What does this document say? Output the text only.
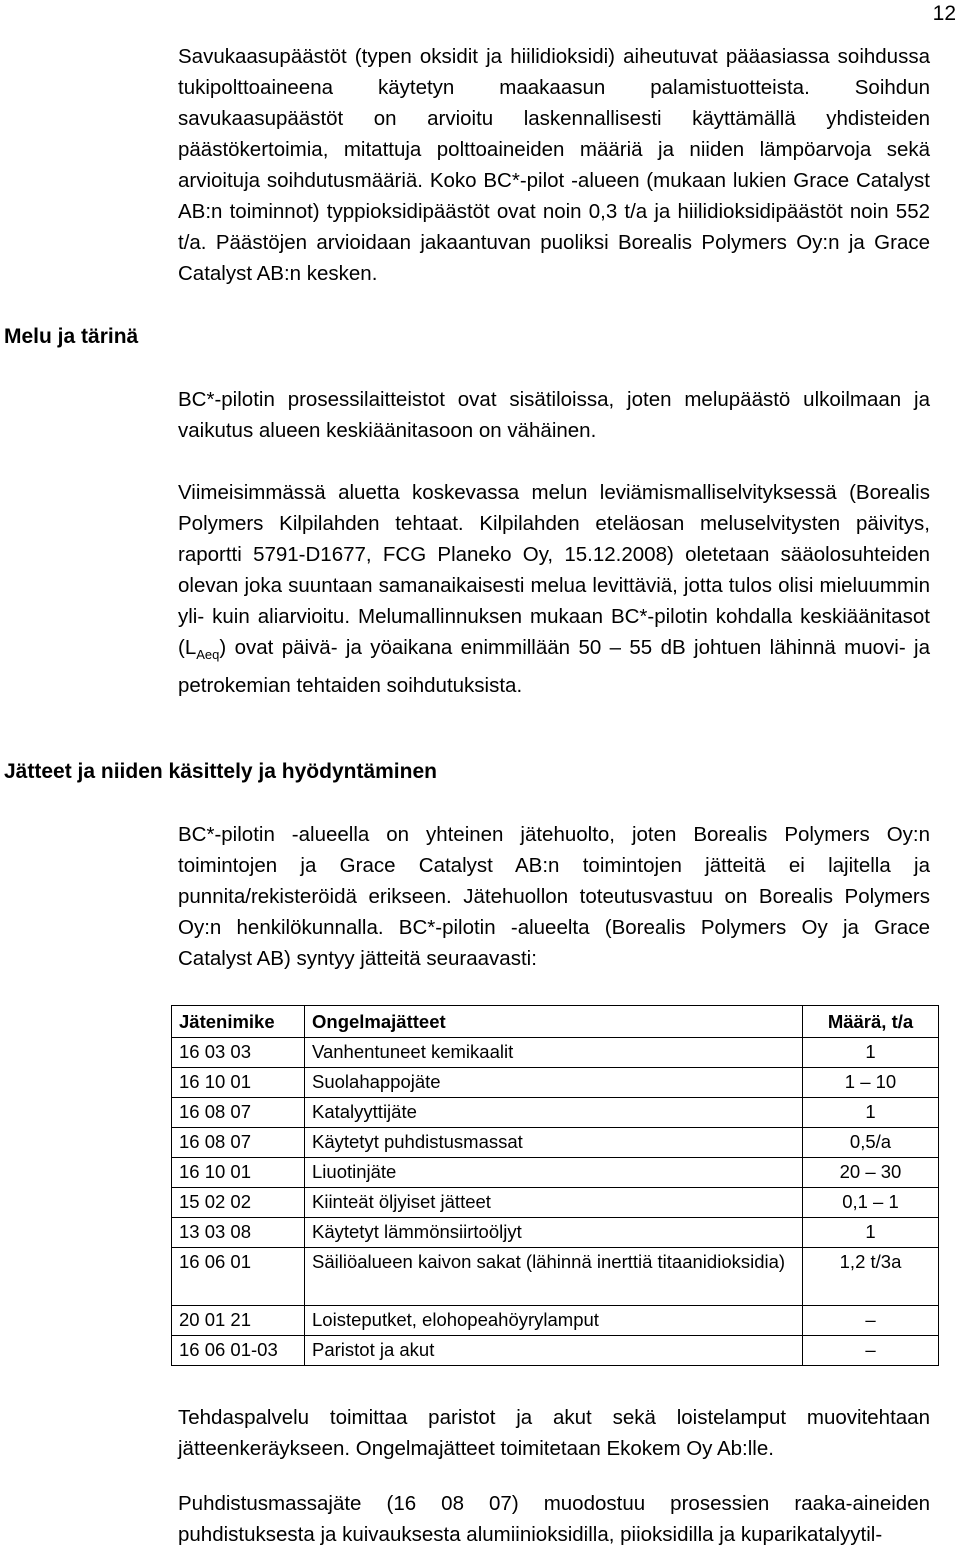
12

Savukaasupäästöt (typen oksidit ja hiilidioksidi) aiheutuvat pääasiassa soihdussa tukipolttoaineena käytetyn maakaasun palamistuotteista. Soihdun savukaasupäästöt on arvioitu laskennallisesti käyttämällä yhdisteiden päästökertoimia, mitattuja polttoaineiden määriä ja niiden lämpöarvoja sekä arvioituja soihdutusmääriä. Koko BC*-pilot -alueen (mukaan lukien Grace Catalyst AB:n toiminnot) typpioksidipäästöt ovat noin 0,3 t/a ja hiilidioksidipäästöt noin 552 t/a. Päästöjen arvioidaan jakaantuvan puoliksi Borealis Polymers Oy:n ja Grace Catalyst AB:n kesken.

Melu ja tärinä

BC*-pilotin prosessilaitteistot ovat sisätiloissa, joten melupäästö ulkoilmaan ja vaikutus alueen keskiäänitasoon on vähäinen.

Viimeisimmässä aluetta koskevassa melun leviämismalliselvityksessä (Borealis Polymers Kilpilahden tehtaat. Kilpilahden eteläosan meluselvitysten päivitys, raportti 5791-D1677, FCG Planeko Oy, 15.12.2008) oletetaan sääolosuhteiden olevan joka suuntaan samanaikaisesti melua levittäviä, jotta tulos olisi mieluummin yli- kuin aliarvioitu. Melumallinnuksen mukaan BC*-pilotin kohdalla keskiäänitasot $(L_{Aeq})$ ovat päivä- ja yöaikana enimmillään 50 – 55 dB johtuen lähinnä muovi- ja petrokemian tehtaiden soihdutuksista.

Jätteet ja niiden käsittely ja hyödyntäminen

BC*-pilotin -alueella on yhteinen jätehuolto, joten Borealis Polymers Oy:n toimintojen ja Grace Catalyst AB:n toimintojen jätteitä ei lajitella ja punnita/rekisteröidä erikseen. Jätehuollon toteutusvastuu on Borealis Polymers Oy:n henkilökunnalla. BC*-pilotin -alueelta (Borealis Polymers Oy ja Grace Catalyst AB) syntyy jätteitä seuraavasti:

Jätenimike	Ongelmajätteet	Määrä, t/a
16 03 03	Vanhentuneet kemikaalit	1
16 10 01	Suolahappojäte	1 – 10
16 08 07	Katalyyttijäte	1
16 08 07	Käytetyt puhdistusmassat	0,5/a
16 10 01	Liuotinjäte	20 – 30
15 02 02	Kiinteät öljyiset jätteet	0,1 – 1
13 03 08	Käytetyt lämmönsiirtoöljyt	1
16 06 01	Säiliöalueen kaivon sakat (lähinnä inerttiä titaanidioksidia)	1,2 t/3a
20 01 21	Loisteputket, elohopeahöyrylamput	–
16 06 01-03	Paristot ja akut	–

Tehdaspalvelu toimittaa paristot ja akut sekä loistelamput muovitehtaan jätteenkeräykseen. Ongelmajätteet toimitetaan Ekokem Oy Ab:lle.

Puhdistusmassajäte (16 08 07) muodostuu prosessien raaka-aineiden puhdistuksesta ja kuivauksesta alumiinioksidilla, piioksidilla ja kuparikatalyytil-
